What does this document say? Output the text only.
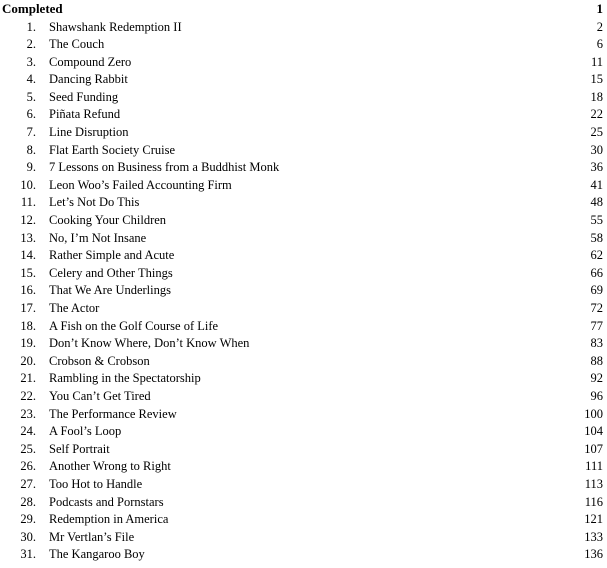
Completed	1
1. Shawshank Redemption II	2
2. The Couch	6
3. Compound Zero	11
4. Dancing Rabbit	15
5. Seed Funding	18
6. Piñata Refund	22
7. Line Disruption	25
8. Flat Earth Society Cruise	30
9. 7 Lessons on Business from a Buddhist Monk	36
10. Leon Woo’s Failed Accounting Firm	41
11. Let’s Not Do This	48
12. Cooking Your Children	55
13. No, I’m Not Insane	58
14. Rather Simple and Acute	62
15. Celery and Other Things	66
16. That We Are Underlings	69
17. The Actor	72
18. A Fish on the Golf Course of Life	77
19. Don’t Know Where, Don’t Know When	83
20. Crobson & Crobson	88
21. Rambling in the Spectatorship	92
22. You Can’t Get Tired	96
23. The Performance Review	100
24. A Fool’s Loop	104
25. Self Portrait	107
26. Another Wrong to Right	111
27. Too Hot to Handle	113
28. Podcasts and Pornstars	116
29. Redemption in America	121
30. Mr Vertlan’s File	133
31. The Kangaroo Boy	136
